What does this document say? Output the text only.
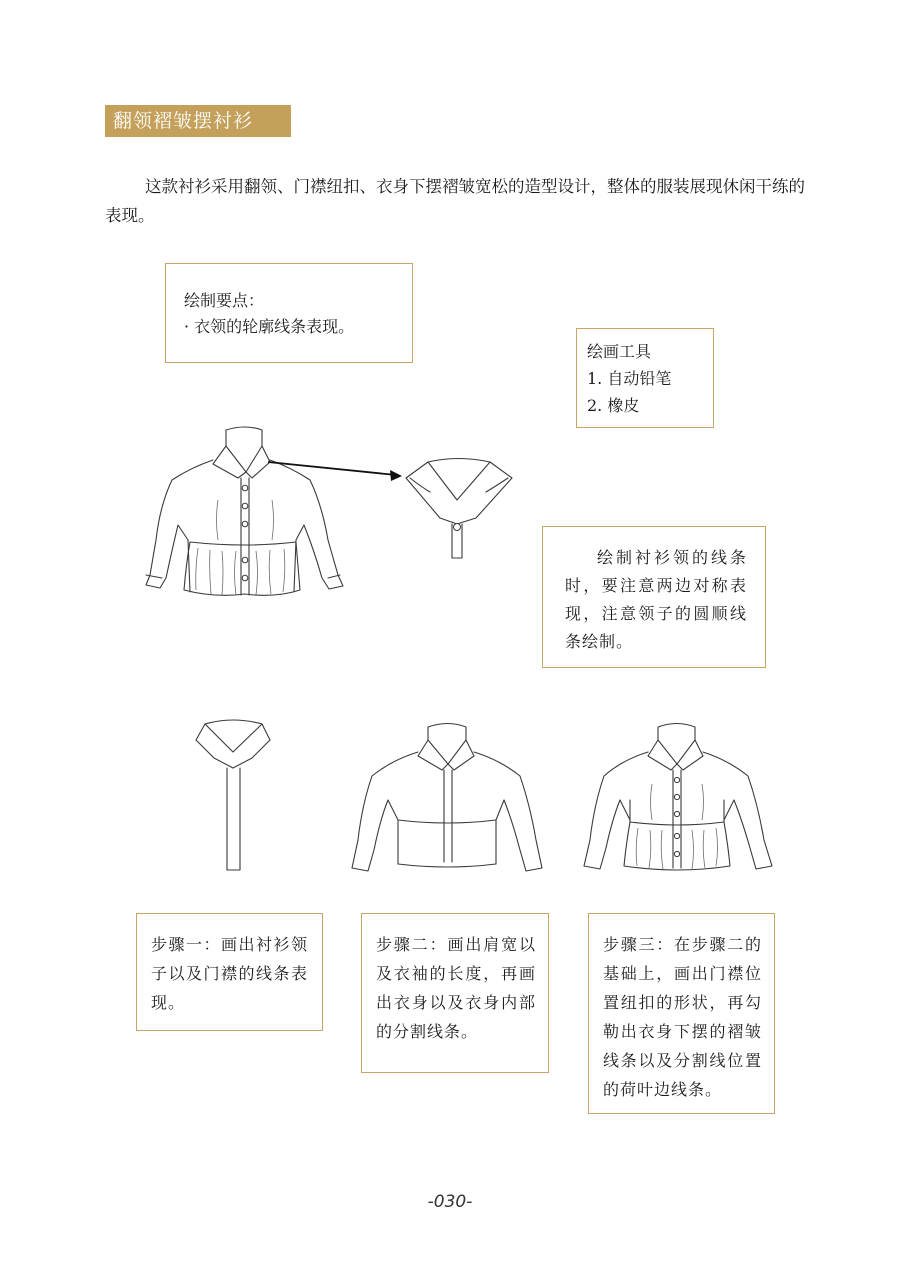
翻领褶皱摆衬衫
这款衬衫采用翻领、门襟纽扣、衣身下摆褶皱宽松的造型设计，整体的服装展现休闲干练的表现。

绘制要点：

· 衣领的轮廓线条表现。

绘画工具

1. 自动铅笔

2. 橡皮

绘制衬衫领的线条时，要注意两边对称表现，注意领子的圆顺线条绘制。

步骤一：画出衬衫领子以及门襟的线条表现。

步骤二：画出肩宽以及衣袖的长度，再画出衣身以及衣身内部的分割线条。

步骤三：在步骤二的基础上，画出门襟位置纽扣的形状，再勾勒出衣身下摆的褶皱线条以及分割线位置的荷叶边线条。

-030-
